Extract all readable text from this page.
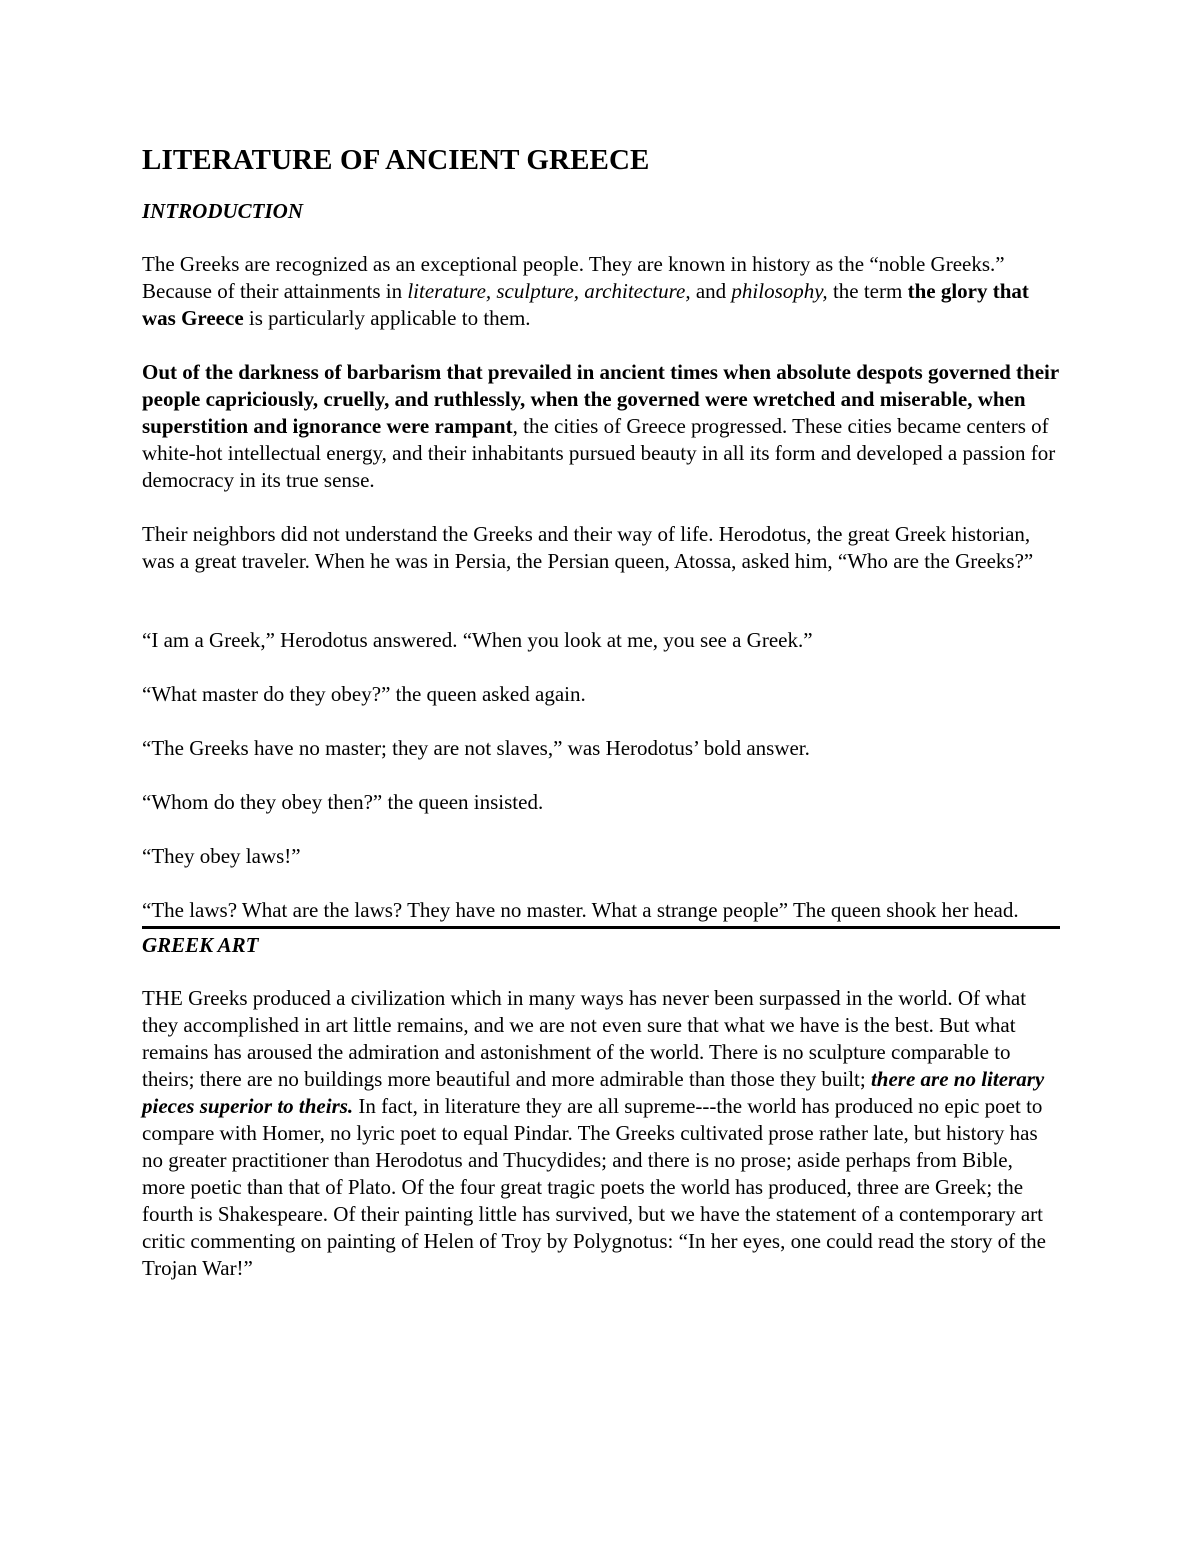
LITERATURE OF ANCIENT GREECE
INTRODUCTION

The Greeks are recognized as an exceptional people. They are known in history as the “noble Greeks.” Because of their attainments in literature, sculpture, architecture, and philosophy, the term the glory that was Greece is particularly applicable to them.

Out of the darkness of barbarism that prevailed in ancient times when absolute despots governed their people capriciously, cruelly, and ruthlessly, when the governed were wretched and miserable, when superstition and ignorance were rampant, the cities of Greece progressed. These cities became centers of white-hot intellectual energy, and their inhabitants pursued beauty in all its form and developed a passion for democracy in its true sense.

Their neighbors did not understand the Greeks and their way of life. Herodotus, the great Greek historian, was a great traveler. When he was in Persia, the Persian queen, Atossa, asked him, “Who are the Greeks?”

“I am a Greek,” Herodotus answered. “When you look at me, you see a Greek.”

“What master do they obey?” the queen asked again.

“The Greeks have no master; they are not slaves,” was Herodotus’ bold answer.

“Whom do they obey then?” the queen insisted.

“They obey laws!”

“The laws? What are the laws? They have no master. What a strange people” The queen shook her head.

GREEK ART

THE Greeks produced a civilization which in many ways has never been surpassed in the world. Of what they accomplished in art little remains, and we are not even sure that what we have is the best. But what remains has aroused the admiration and astonishment of the world. There is no sculpture comparable to theirs; there are no buildings more beautiful and more admirable than those they built; there are no literary pieces superior to theirs. In fact, in literature they are all supreme---the world has produced no epic poet to compare with Homer, no lyric poet to equal Pindar. The Greeks cultivated prose rather late, but history has no greater practitioner than Herodotus and Thucydides; and there is no prose; aside perhaps from Bible, more poetic than that of Plato. Of the four great tragic poets the world has produced, three are Greek; the fourth is Shakespeare. Of their painting little has survived, but we have the statement of a contemporary art critic commenting on painting of Helen of Troy by Polygnotus: “In her eyes, one could read the story of the Trojan War!”
